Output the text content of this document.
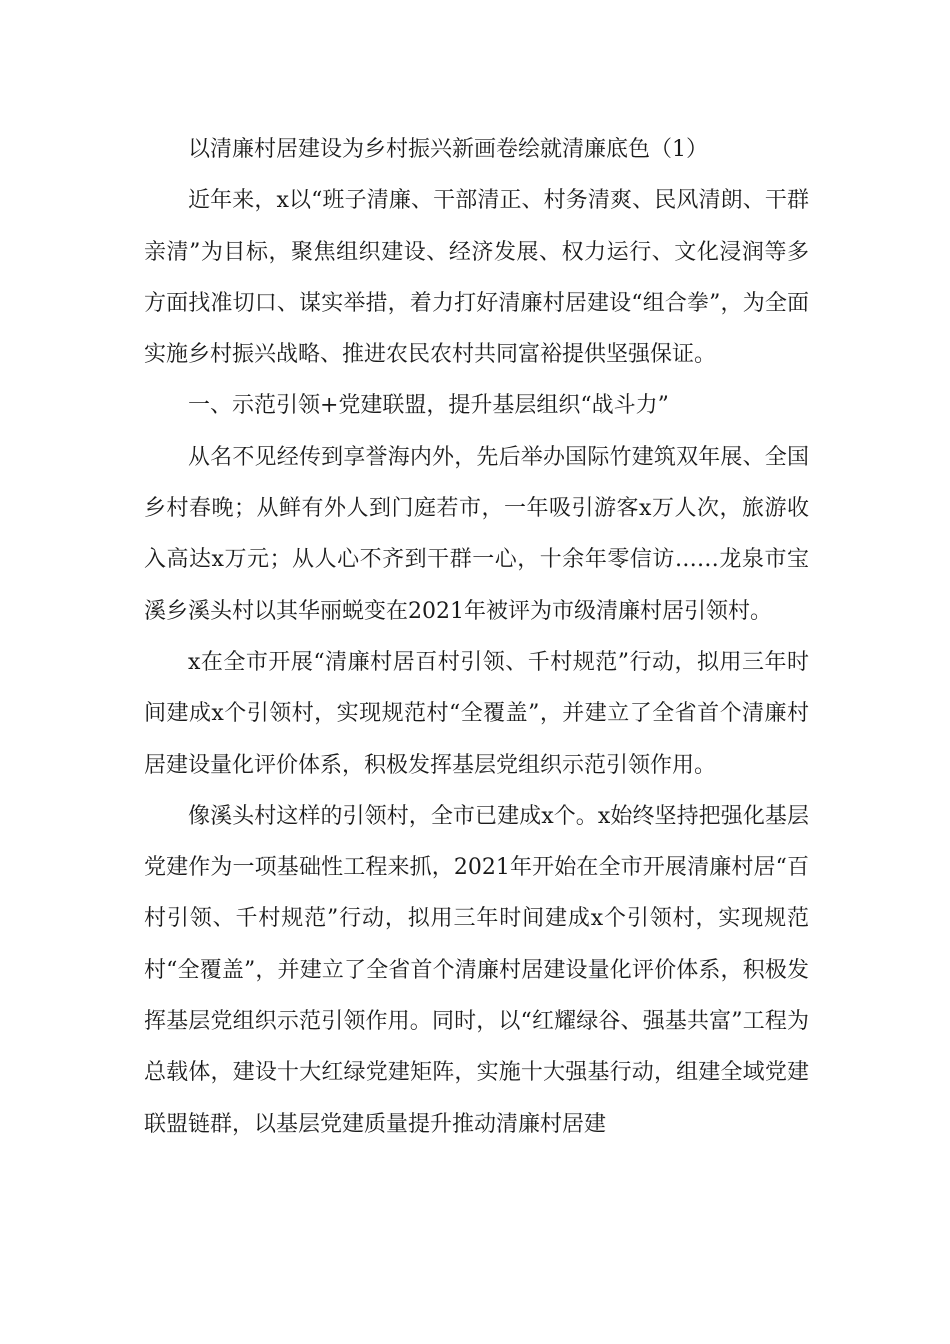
以清廉村居建设为乡村振兴新画卷绘就清廉底色（1）

近年来，x以“班子清廉、干部清正、村务清爽、民风清朗、干群亲清”为目标，聚焦组织建设、经济发展、权力运行、文化浸润等多方面找准切口、谋实举措，着力打好清廉村居建设“组合拳”，为全面实施乡村振兴战略、推进农民农村共同富裕提供坚强保证。

一、示范引领+党建联盟，提升基层组织“战斗力”

从名不见经传到享誉海内外，先后举办国际竹建筑双年展、全国乡村春晚；从鲜有外人到门庭若市，一年吸引游客x万人次，旅游收入高达x万元；从人心不齐到干群一心，十余年零信访……龙泉市宝溪乡溪头村以其华丽蜕变在2021年被评为市级清廉村居引领村。

x在全市开展“清廉村居百村引领、千村规范”行动，拟用三年时间建成x个引领村，实现规范村“全覆盖”，并建立了全省首个清廉村居建设量化评价体系，积极发挥基层党组织示范引领作用。

像溪头村这样的引领村，全市已建成x个。x始终坚持把强化基层党建作为一项基础性工程来抓，2021年开始在全市开展清廉村居“百村引领、千村规范”行动，拟用三年时间建成x个引领村，实现规范村“全覆盖”，并建立了全省首个清廉村居建设量化评价体系，积极发挥基层党组织示范引领作用。同时，以“红耀绿谷、强基共富”工程为总载体，建设十大红绿党建矩阵，实施十大强基行动，组建全域党建联盟链群，以基层党建质量提升推动清廉村居建
